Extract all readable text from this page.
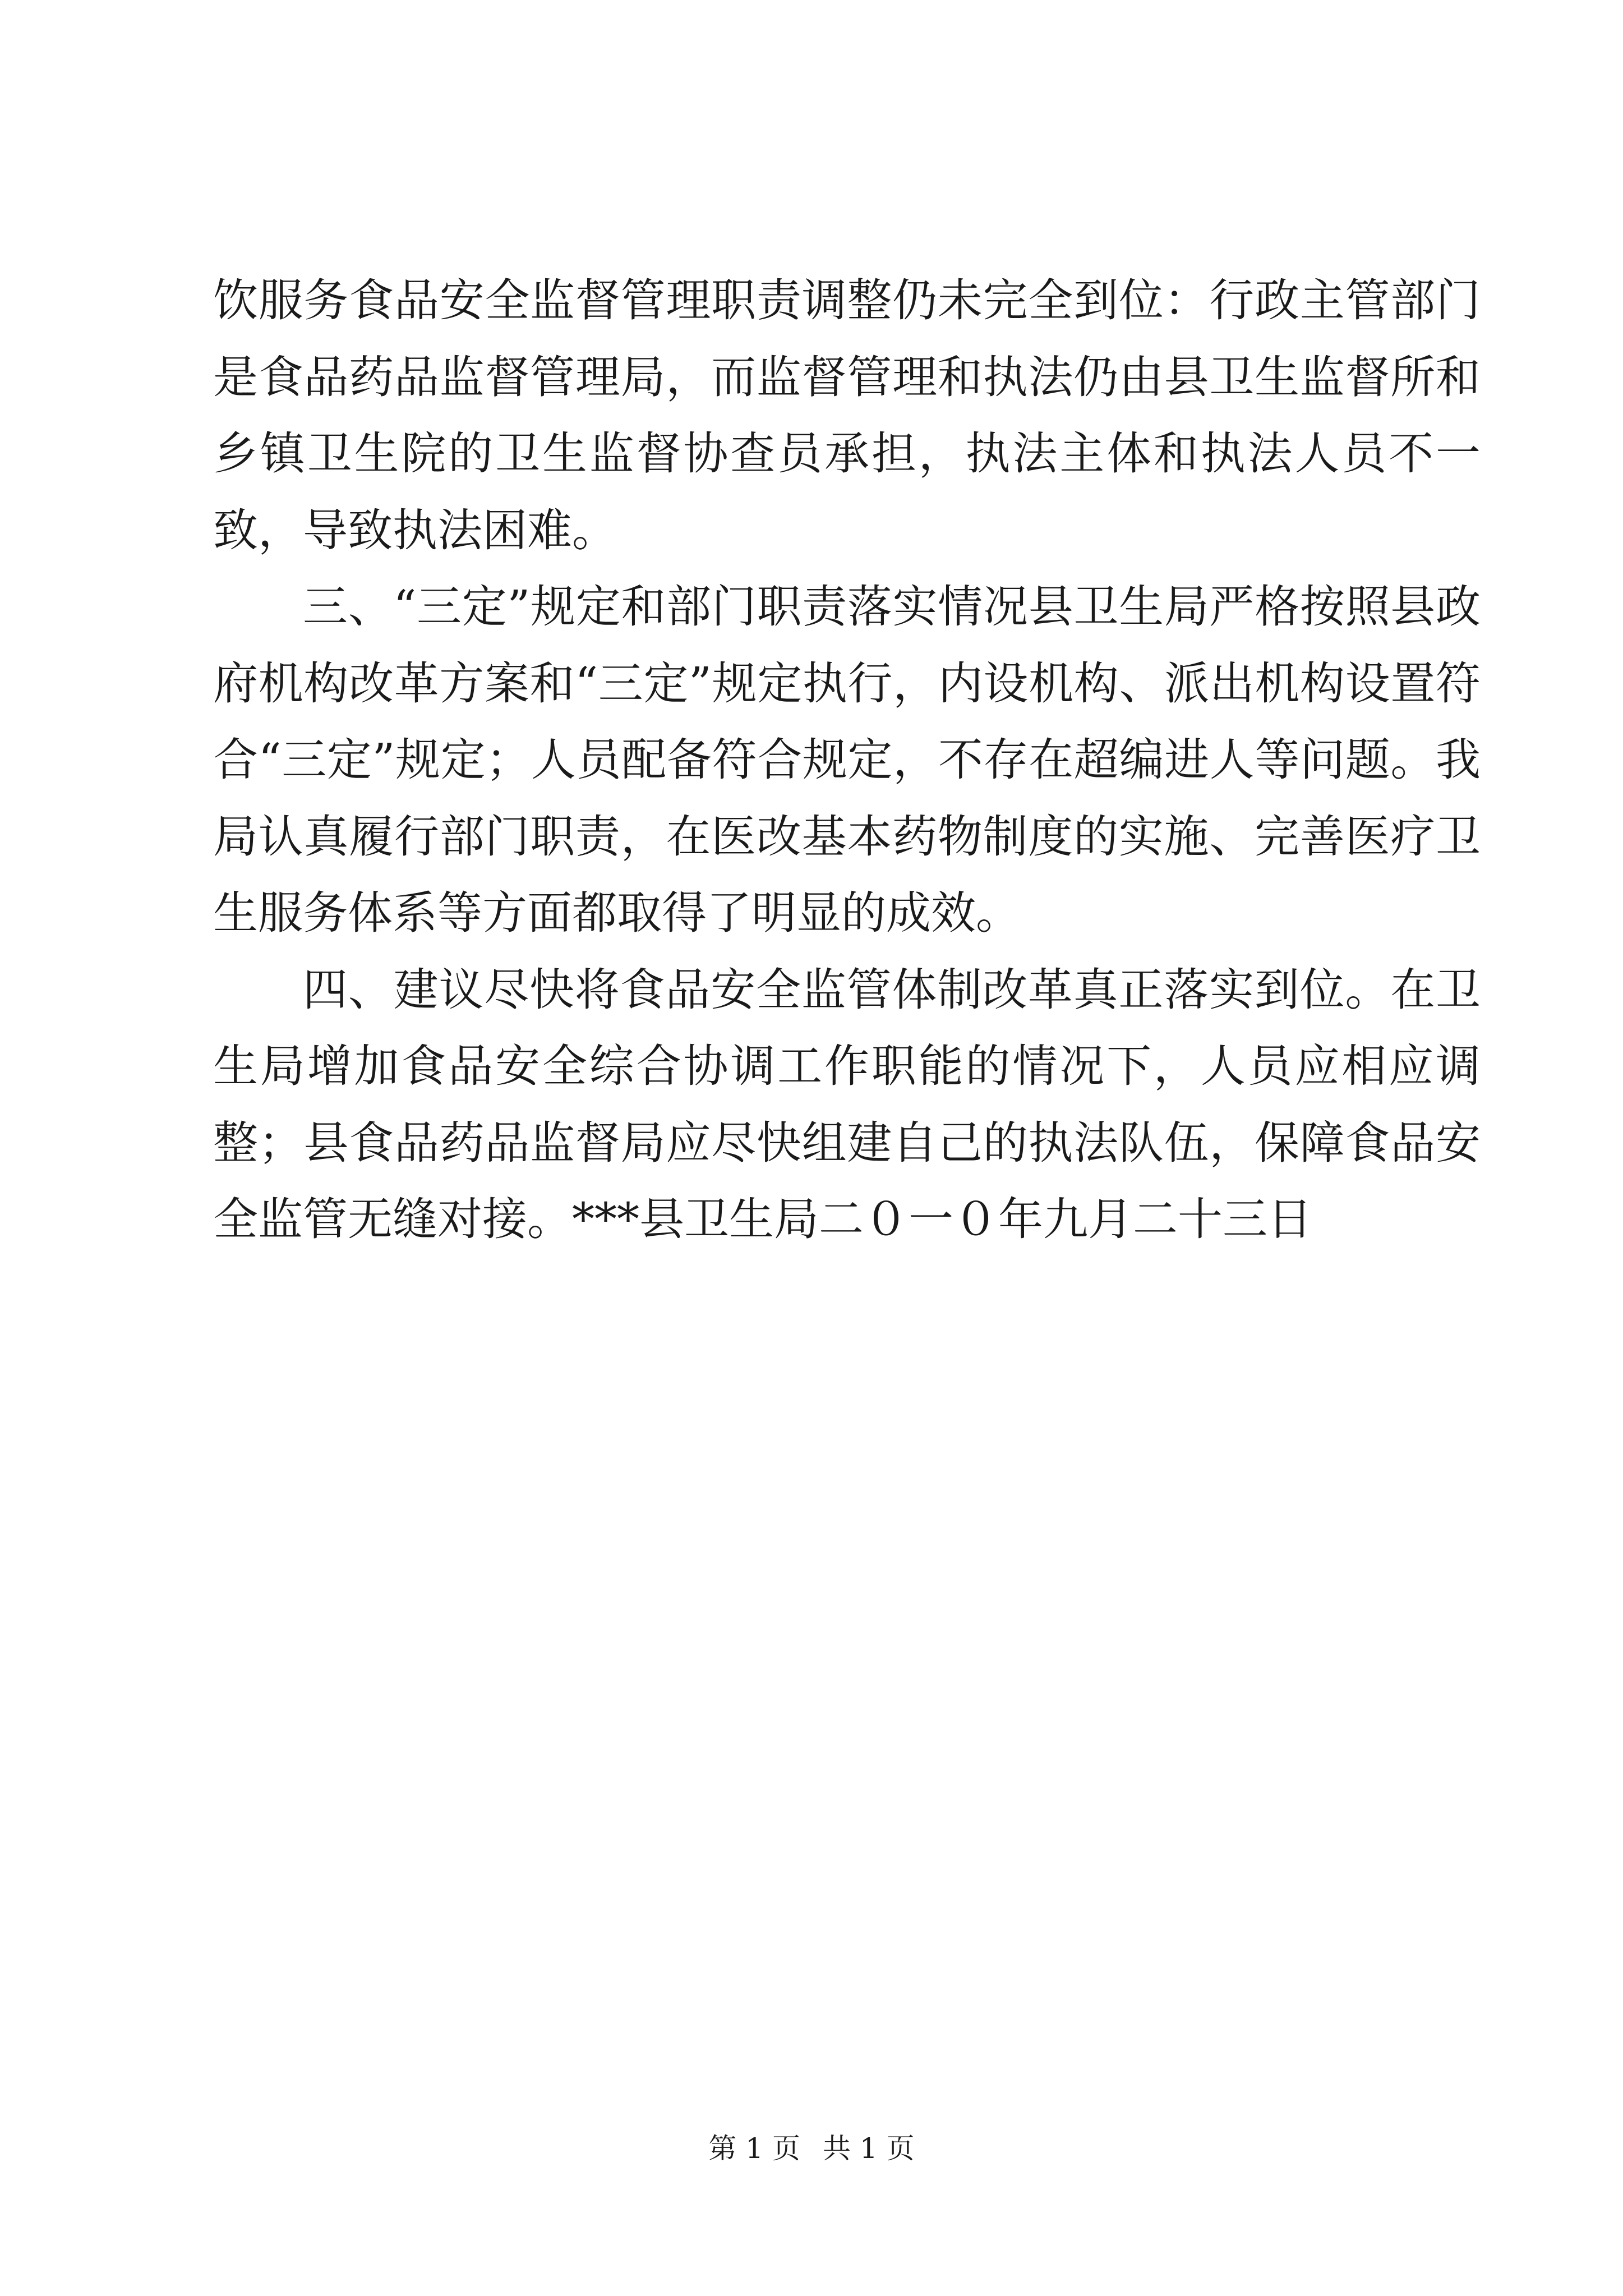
饮服务食品安全监督管理职责调整仍未完全到位：行政主管部门是食品药品监督管理局，而监督管理和执法仍由县卫生监督所和乡镇卫生院的卫生监督协查员承担，执法主体和执法人员不一致，导致执法困难。

三、“三定”规定和部门职责落实情况县卫生局严格按照县政府机构改革方案和“三定”规定执行，内设机构、派出机构设置符合“三定”规定；人员配备符合规定，不存在超编进人等问题。我局认真履行部门职责，在医改基本药物制度的实施、完善医疗卫生服务体系等方面都取得了明显的成效。

四、建议尽快将食品安全监管体制改革真正落实到位。在卫生局增加食品安全综合协调工作职能的情况下，人员应相应调整；县食品药品监督局应尽快组建自己的执法队伍，保障食品安全监管无缝对接。***县卫生局二０一０年九月二十三日

第 1 页 共 1 页
